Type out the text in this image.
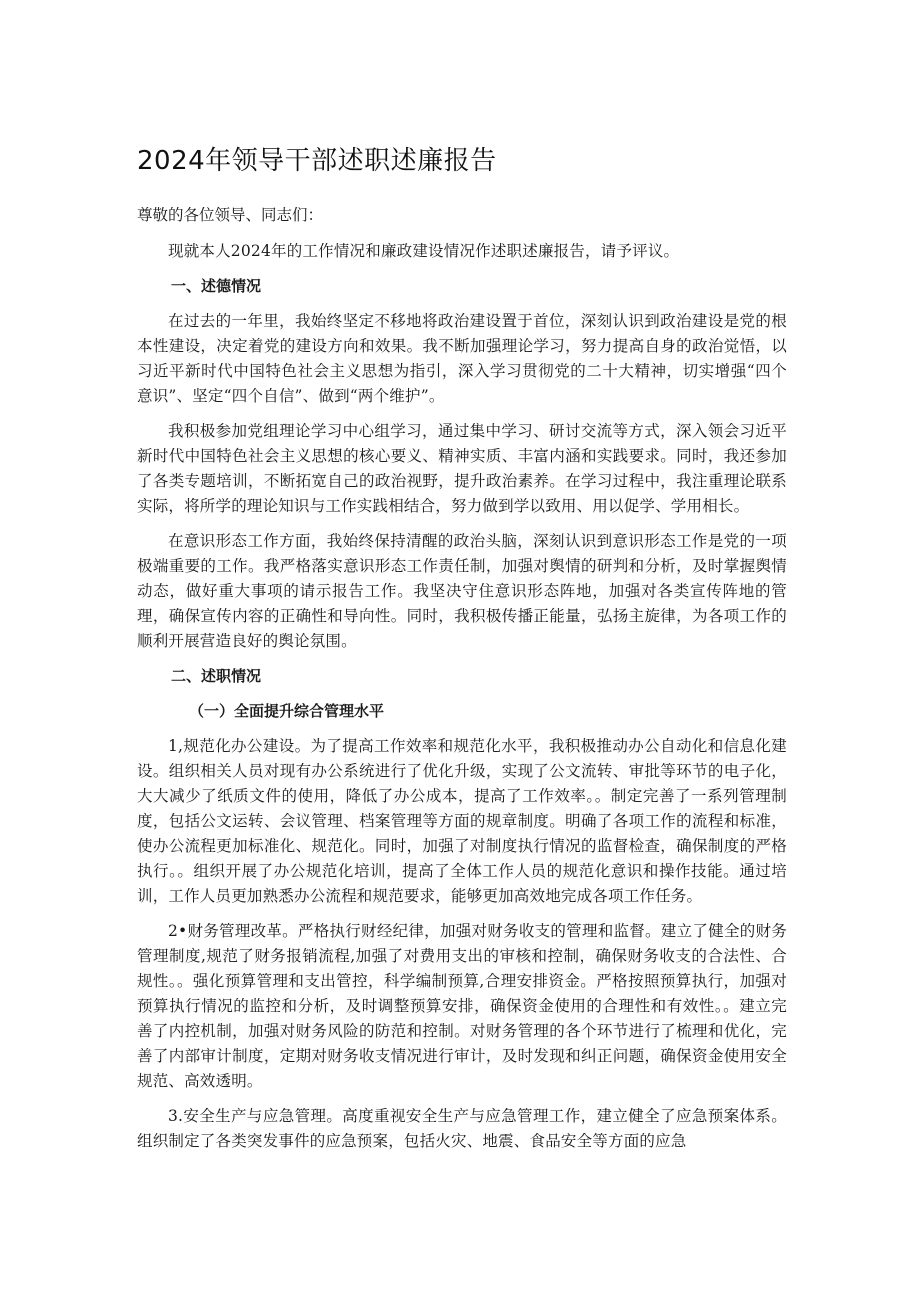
2024年领导干部述职述廉报告
尊敬的各位领导、同志们：

现就本人2024年的工作情况和廉政建设情况作述职述廉报告，请予评议。

一、述德情况

在过去的一年里，我始终坚定不移地将政治建设置于首位，深刻认识到政治建设是党的根本性建设，决定着党的建设方向和效果。我不断加强理论学习，努力提高自身的政治觉悟，以习近平新时代中国特色社会主义思想为指引，深入学习贯彻党的二十大精神，切实增强“四个意识”、坚定“四个自信”、做到“两个维护”。

我积极参加党组理论学习中心组学习，通过集中学习、研讨交流等方式，深入领会习近平新时代中国特色社会主义思想的核心要义、精神实质、丰富内涵和实践要求。同时，我还参加了各类专题培训，不断拓宽自己的政治视野，提升政治素养。在学习过程中，我注重理论联系实际，将所学的理论知识与工作实践相结合，努力做到学以致用、用以促学、学用相长。

在意识形态工作方面，我始终保持清醒的政治头脑，深刻认识到意识形态工作是党的一项极端重要的工作。我严格落实意识形态工作责任制，加强对舆情的研判和分析，及时掌握舆情动态，做好重大事项的请示报告工作。我坚决守住意识形态阵地，加强对各类宣传阵地的管理，确保宣传内容的正确性和导向性。同时，我积极传播正能量，弘扬主旋律，为各项工作的顺利开展营造良好的舆论氛围。

二、述职情况
（一）全面提升综合管理水平

1,规范化办公建设。为了提高工作效率和规范化水平，我积极推动办公自动化和信息化建设。组织相关人员对现有办公系统进行了优化升级，实现了公文流转、审批等环节的电子化，大大减少了纸质文件的使用，降低了办公成本，提高了工作效率。。制定完善了一系列管理制度，包括公文运转、会议管理、档案管理等方面的规章制度。明确了各项工作的流程和标准，使办公流程更加标准化、规范化。同时，加强了对制度执行情况的监督检查，确保制度的严格执行。。组织开展了办公规范化培训，提高了全体工作人员的规范化意识和操作技能。通过培训，工作人员更加熟悉办公流程和规范要求，能够更加高效地完成各项工作任务。

2•财务管理改革。严格执行财经纪律，加强对财务收支的管理和监督。建立了健全的财务管理制度,规范了财务报销流程,加强了对费用支出的审核和控制，确保财务收支的合法性、合规性。。强化预算管理和支出管控，科学编制预算,合理安排资金。严格按照预算执行，加强对预算执行情况的监控和分析，及时调整预算安排，确保资金使用的合理性和有效性。。建立完善了内控机制，加强对财务风险的防范和控制。对财务管理的各个环节进行了梳理和优化，完善了内部审计制度，定期对财务收支情况进行审计，及时发现和纠正问题，确保资金使用安全规范、高效透明。

3.安全生产与应急管理。高度重视安全生产与应急管理工作，建立健全了应急预案体系。组织制定了各类突发事件的应急预案，包括火灾、地震、食品安全等方面的应急
